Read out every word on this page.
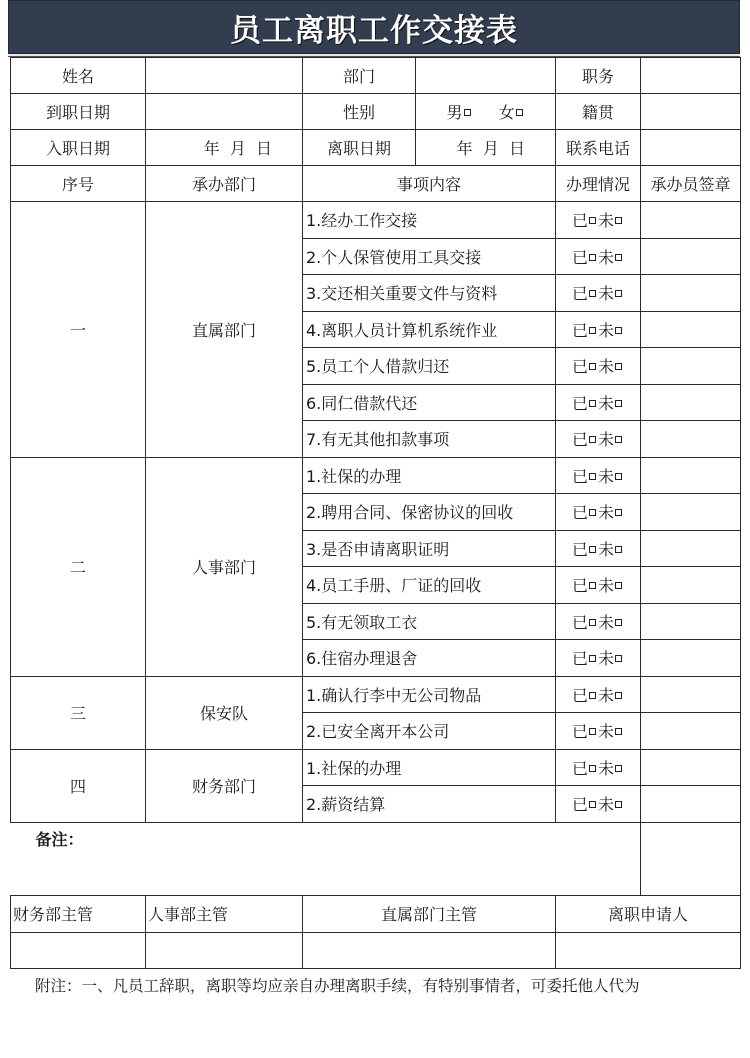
员工离职工作交接表
姓名		部门		职务	
到职日期		性别	男 女	籍贯	
入职日期	年  月  日	离职日期	年  月  日	联系电话	
序号	承办部门	事项内容		办理情况	承办员签章
一	直属部门	1.经办工作交接		已 未	
		2.个人保管使用工具交接		已 未	
		3.交还相关重要文件与资料		已 未	
		4.离职人员计算机系统作业		已 未	
		5.员工个人借款归还		已 未	
		6.同仁借款代还		已 未	
		7.有无其他扣款事项		已 未	
二	人事部门	1.社保的办理		已 未	
		2.聘用合同、保密协议的回收		已 未	
		3.是否申请离职证明		已 未	
		4.员工手册、厂证的回收		已 未	
		5.有无领取工衣		已 未	
		6.住宿办理退舍		已 未	
三	保安队	1.确认行李中无公司物品		已 未	
		2.已安全离开本公司		已 未	
四	财务部门	1.社保的办理		已 未	
		2.薪资结算		已 未	
备注：					
财务部主管	人事部主管	直属部门主管		离职申请人	

附注：一、凡员工辞职，离职等均应亲自办理离职手续，有特别事情者，可委托他人代为
